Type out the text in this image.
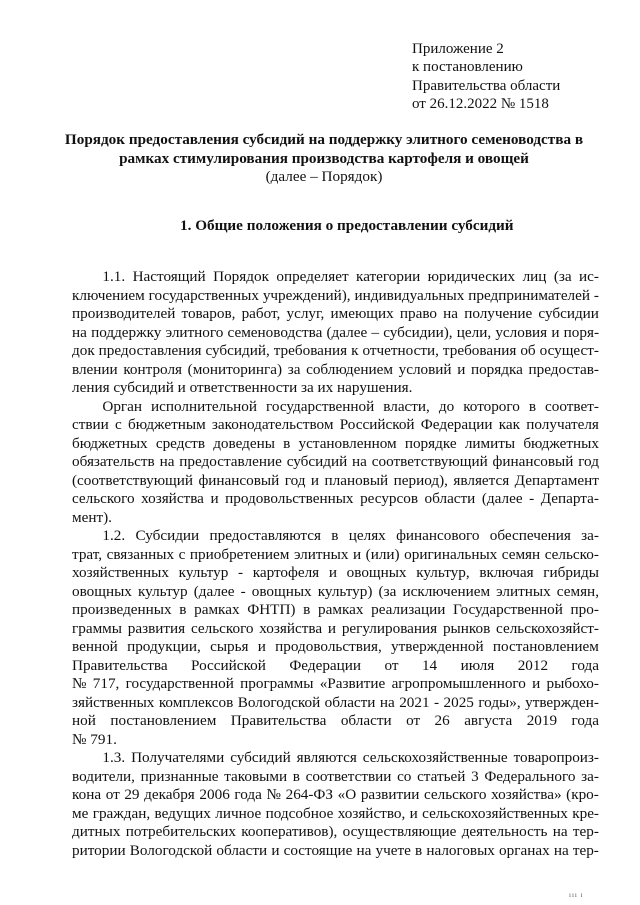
Приложение 2
к постановлению
Правительства области
от 26.12.2022 № 1518
Порядок предоставления субсидий на поддержку элитного семеноводства в
рамках стимулирования производства картофеля и овощей
(далее – Порядок)
1. Общие положения о предоставлении субсидий
1.1. Настоящий Порядок определяет категории юридических лиц (за ис-
ключением государственных учреждений), индивидуальных предпринимателей -
производителей товаров, работ, услуг, имеющих право на получение субсидии
на поддержку элитного семеноводства (далее – субсидии), цели, условия и поря-
док предоставления субсидий, требования к отчетности, требования об осущест-
влении контроля (мониторинга) за соблюдением условий и порядка предостав-
ления субсидий и ответственности за их нарушения.
Орган исполнительной государственной власти, до которого в соответ-
ствии с бюджетным законодательством Российской Федерации как получателя
бюджетных средств доведены в установленном порядке лимиты бюджетных
обязательств на предоставление субсидий на соответствующий финансовый год
(соответствующий финансовый год и плановый период), является Департамент
сельского хозяйства и продовольственных ресурсов области (далее - Департа-
мент).
1.2. Субсидии предоставляются в целях финансового обеспечения за-
трат, связанных с приобретением элитных и (или) оригинальных семян сельско-
хозяйственных культур - картофеля и овощных культур, включая гибриды
овощных культур (далее - овощных культур) (за исключением элитных семян,
произведенных в рамках ФНТП) в рамках реализации Государственной про-
граммы развития сельского хозяйства и регулирования рынков сельскохозяйст-
венной продукции, сырья и продовольствия, утвержденной постановлением
Правительства Российской Федерации от 14 июля 2012 года
№ 717, государственной программы «Развитие агропромышленного и рыбохо-
зяйственных комплексов Вологодской области на 2021 - 2025 годы», утвержден-
ной постановлением Правительства области от 26 августа 2019 года
№ 791.
1.3. Получателями субсидий являются сельскохозяйственные товаропроиз-
водители, признанные таковыми в соответствии со статьей 3 Федерального за-
кона от 29 декабря 2006 года № 264-ФЗ «О развитии сельского хозяйства» (кро-
ме граждан, ведущих личное подсобное хозяйство, и сельскохозяйственных кре-
дитных потребительских кооперативов), осуществляющие деятельность на тер-
ритории Вологодской области и состоящие на учете в налоговых органах на тер-
ııı ı
